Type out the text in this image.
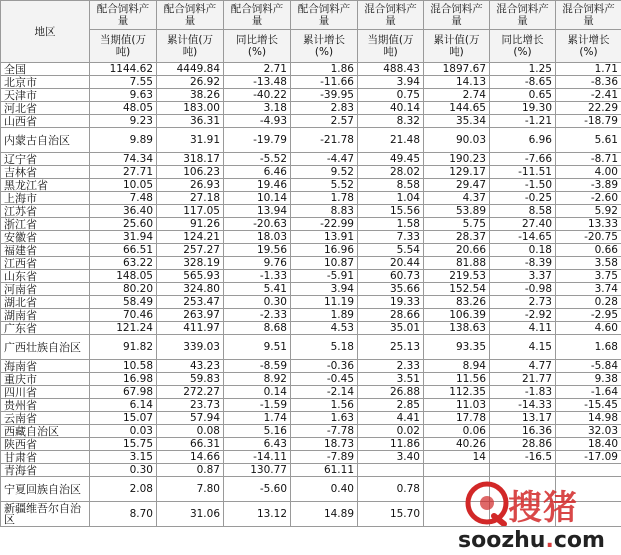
地区	配合饲料产量	配合饲料产量	配合饲料产量	配合饲料产量	混合饲料产量	混合饲料产量	混合饲料产量	混合饲料产量
	当期值(万吨)	累计值(万吨)	同比增长(%)	累计增长(%)	当期值(万吨)	累计值(万吨)	同比增长(%)	累计增长(%)
全国	1144.62	4449.84	2.71	1.86	488.43	1897.67	1.25	1.71
北京市	7.55	26.92	-13.48	-11.66	3.94	14.13	-8.65	-8.36
天津市	9.63	38.26	-40.22	-39.95	0.75	2.74	0.65	-2.41
河北省	48.05	183.00	3.18	2.83	40.14	144.65	19.30	22.29
山西省	9.23	36.31	-4.93	2.57	8.32	35.34	-1.21	-18.79
内蒙古自治区	9.89	31.91	-19.79	-21.78	21.48	90.03	6.96	5.61
辽宁省	74.34	318.17	-5.52	-4.47	49.45	190.23	-7.66	-8.71
吉林省	27.71	106.23	6.46	9.52	28.02	129.17	-11.51	4.00
黑龙江省	10.05	26.93	19.46	5.52	8.58	29.47	-1.50	-3.89
上海市	7.48	27.18	10.14	1.78	1.04	4.37	-0.25	-2.60
江苏省	36.40	117.05	13.94	8.83	15.56	53.89	8.58	5.92
浙江省	25.60	91.26	-20.63	-22.99	1.58	5.75	27.40	13.33
安徽省	31.94	124.21	18.03	13.91	7.33	28.37	-14.65	-20.75
福建省	66.51	257.27	19.56	16.96	5.54	20.66	0.18	0.66
江西省	63.22	328.19	9.76	10.87	20.44	81.88	-8.39	3.58
山东省	148.05	565.93	-1.33	-5.91	60.73	219.53	3.37	3.75
河南省	80.20	324.80	5.41	3.94	35.66	152.54	-0.98	3.74
湖北省	58.49	253.47	0.30	11.19	19.33	83.26	2.73	0.28
湖南省	70.46	263.97	-2.33	1.89	28.66	106.39	-2.92	-2.95
广东省	121.24	411.97	8.68	4.53	35.01	138.63	4.11	4.60
广西壮族自治区	91.82	339.03	9.51	5.18	25.13	93.35	4.15	1.68
海南省	10.58	43.23	-8.59	-0.36	2.33	8.94	4.77	-5.84
重庆市	16.98	59.83	8.92	-0.45	3.51	11.56	21.77	9.38
四川省	67.98	272.27	0.14	-2.14	26.88	112.35	-1.83	-1.64
贵州省	6.14	23.73	-1.59	1.56	2.85	11.03	-14.33	-15.45
云南省	15.07	57.94	1.74	1.63	4.41	17.78	13.17	14.98
西藏自治区	0.03	0.08	5.16	-7.78	0.02	0.06	16.36	32.03
陕西省	15.75	66.31	6.43	18.73	11.86	40.26	28.86	18.40
甘肃省	3.15	14.66	-14.11	-7.89	3.40	14	-16.5	-17.09
青海省	0.30	0.87	130.77	61.11				
宁夏回族自治区	2.08	7.80	-5.60	0.40	0.78			
新疆维吾尔自治区	8.70	31.06	13.12	14.89	15.70				搜猪
soozhu.com
